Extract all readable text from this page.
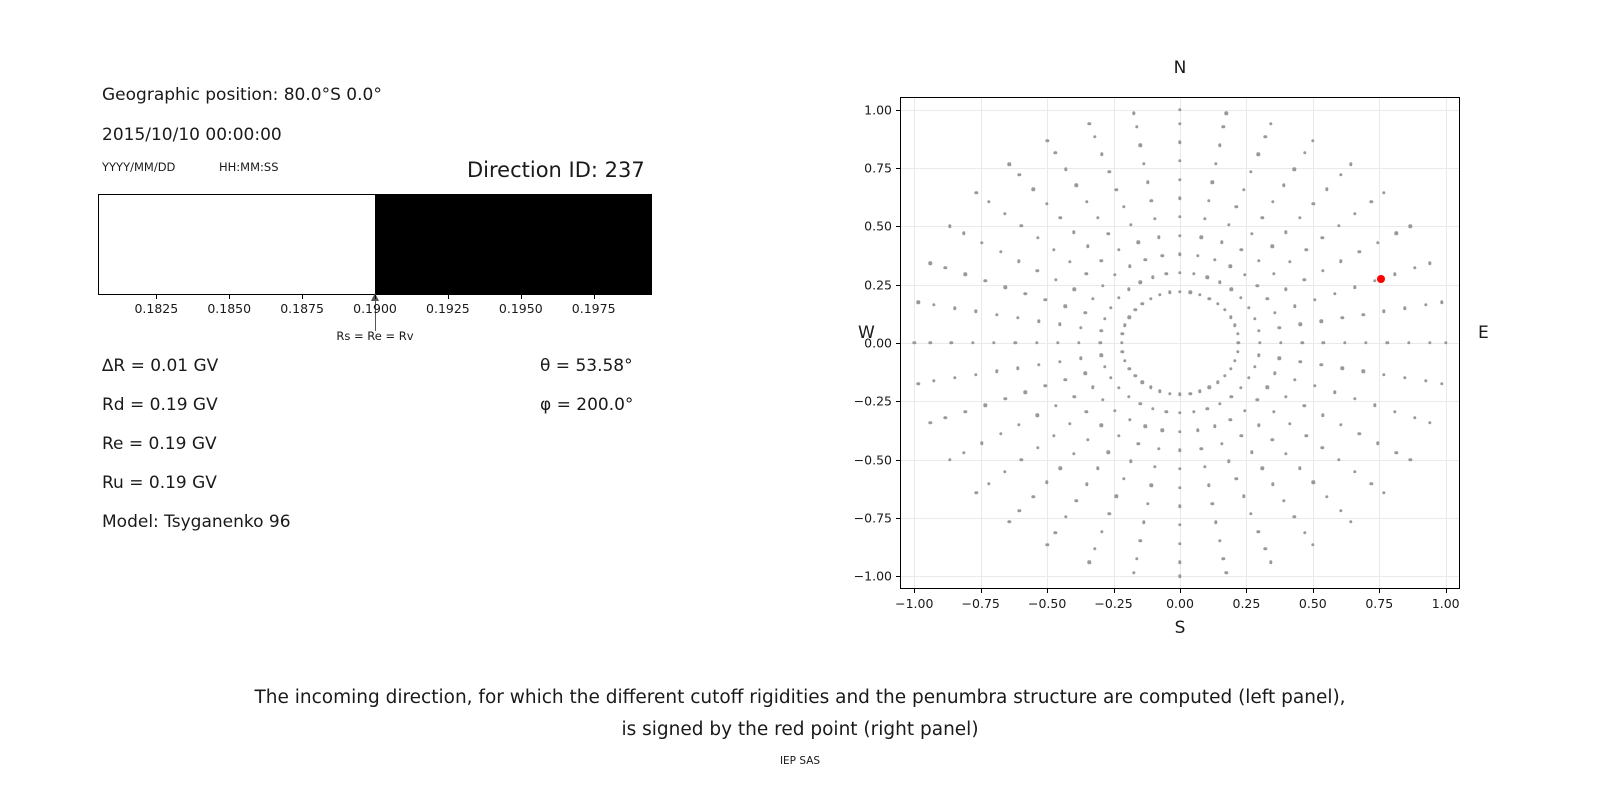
Geographic position: 80.0°S 0.0°
2015/10/10 00:00:00
YYYY/MM/DD	HH:MM:SS	Direction ID: 237
Rs = Re = Rv
0.1825 0.1850 0.1875 0.1900 0.1925 0.1950 0.1975
∆R = 0.01 GV
Rd = 0.19 GV
Re = 0.19 GV
Ru = 0.19 GV
Model: Tsyganenko 96
θ = 53.58°
φ = 200.0°
N
S
W	E
−1.00 −0.75 −0.50 −0.25	0.00	0.25	0.50	0.75	1.00
−1.00
−0.75
−0.50
−0.25
0.00
0.25
0.50
0.75
1.00
The incoming direction, for which the different cutoff rigidities and the penumbra structure are computed (left panel),
is signed by the red point (right panel)
IEP SAS
